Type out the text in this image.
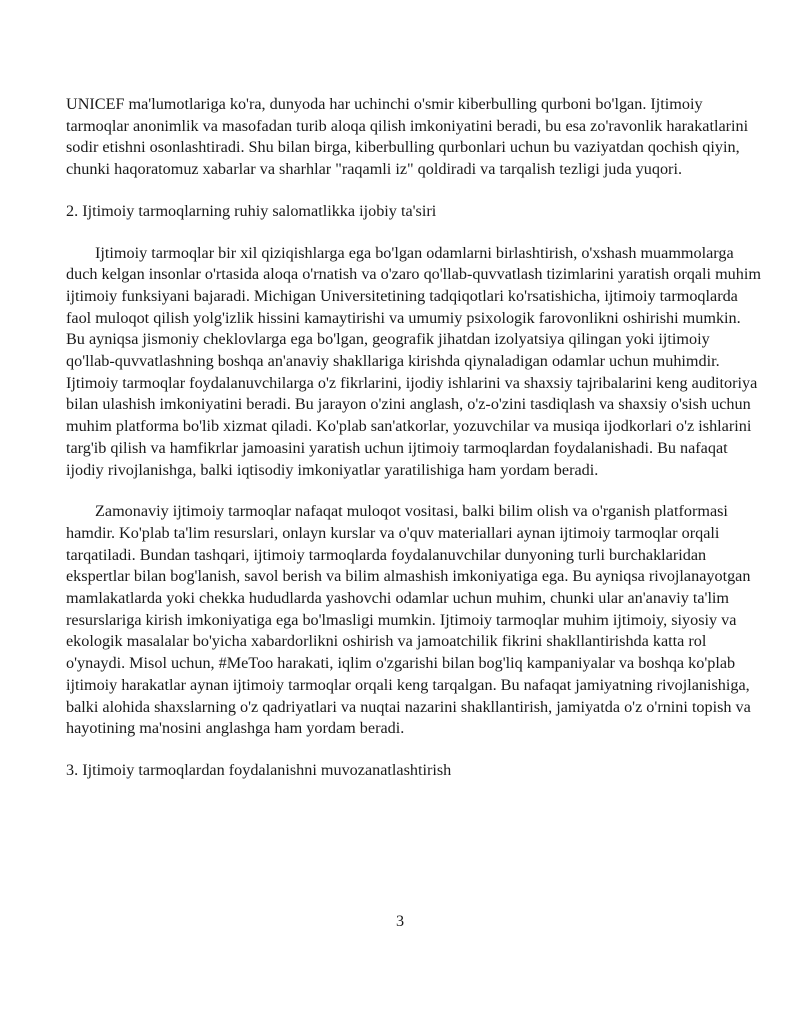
UNICEF ma'lumotlariga ko'ra, dunyoda har uchinchi o'smir kiberbulling qurboni bo'lgan. Ijtimoiy tarmoqlar anonimlik va masofadan turib aloqa qilish imkoniyatini beradi, bu esa zo'ravonlik harakatlarini sodir etishni osonlashtiradi. Shu bilan birga, kiberbulling qurbonlari uchun bu vaziyatdan qochish qiyin, chunki haqoratomuz xabarlar va sharhlar "raqamli iz" qoldiradi va tarqalish tezligi juda yuqori.

2. Ijtimoiy tarmoqlarning ruhiy salomatlikka ijobiy ta'siri

Ijtimoiy tarmoqlar bir xil qiziqishlarga ega bo'lgan odamlarni birlashtirish, o'xshash muammolarga duch kelgan insonlar o'rtasida aloqa o'rnatish va o'zaro qo'llab-quvvatlash tizimlarini yaratish orqali muhim ijtimoiy funksiyani bajaradi. Michigan Universitetining tadqiqotlari ko'rsatishicha, ijtimoiy tarmoqlarda faol muloqot qilish yolg'izlik hissini kamaytirishi va umumiy psixologik farovonlikni oshirishi mumkin. Bu ayniqsa jismoniy cheklovlarga ega bo'lgan, geografik jihatdan izolyatsiya qilingan yoki ijtimoiy qo'llab-quvvatlashning boshqa an'anaviy shakllariga kirishda qiynaladigan odamlar uchun muhimdir. Ijtimoiy tarmoqlar foydalanuvchilarga o'z fikrlarini, ijodiy ishlarini va shaxsiy tajribalarini keng auditoriya bilan ulashish imkoniyatini beradi. Bu jarayon o'zini anglash, o'z-o'zini tasdiqlash va shaxsiy o'sish uchun muhim platforma bo'lib xizmat qiladi. Ko'plab san'atkorlar, yozuvchilar va musiqa ijodkorlari o'z ishlarini targ'ib qilish va hamfikrlar jamoasini yaratish uchun ijtimoiy tarmoqlardan foydalanishadi. Bu nafaqat ijodiy rivojlanishga, balki iqtisodiy imkoniyatlar yaratilishiga ham yordam beradi.

Zamonaviy ijtimoiy tarmoqlar nafaqat muloqot vositasi, balki bilim olish va o'rganish platformasi hamdir. Ko'plab ta'lim resurslari, onlayn kurslar va o'quv materiallari aynan ijtimoiy tarmoqlar orqali tarqatiladi. Bundan tashqari, ijtimoiy tarmoqlarda foydalanuvchilar dunyoning turli burchaklaridan ekspertlar bilan bog'lanish, savol berish va bilim almashish imkoniyatiga ega. Bu ayniqsa rivojlanayotgan mamlakatlarda yoki chekka hududlarda yashovchi odamlar uchun muhim, chunki ular an'anaviy ta'lim resurslariga kirish imkoniyatiga ega bo'lmasligi mumkin. Ijtimoiy tarmoqlar muhim ijtimoiy, siyosiy va ekologik masalalar bo'yicha xabardorlikni oshirish va jamoatchilik fikrini shakllantirishda katta rol o'ynaydi. Misol uchun, #MeToo harakati, iqlim o'zgarishi bilan bog'liq kampaniyalar va boshqa ko'plab ijtimoiy harakatlar aynan ijtimoiy tarmoqlar orqali keng tarqalgan. Bu nafaqat jamiyatning rivojlanishiga, balki alohida shaxslarning o'z qadriyatlari va nuqtai nazarini shakllantirish, jamiyatda o'z o'rnini topish va hayotining ma'nosini anglashga ham yordam beradi.

3. Ijtimoiy tarmoqlardan foydalanishni muvozanatlashtirish

3
